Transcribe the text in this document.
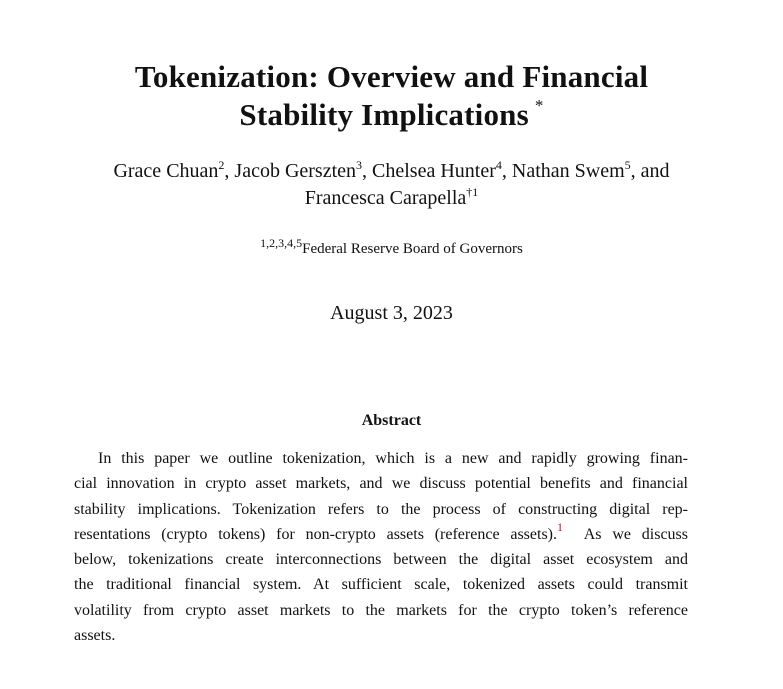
Tokenization: Overview and Financial
Stability Implications *
Grace Chuan$^2$, Jacob Gerszten$^3$, Chelsea Hunter$^4$, Nathan Swem$^5$, and
Francesca Carapella$^{\dagger 1}$
$^{1,2,3,4,5}$Federal Reserve Board of Governors
August 3, 2023
Abstract
In this paper we outline tokenization, which is a new and rapidly growing finan-
cial innovation in crypto asset markets, and we discuss potential benefits and financial
stability implications. Tokenization refers to the process of constructing digital rep-
resentations (crypto tokens) for non-crypto assets (reference assets).$^1$ As we discuss
below, tokenizations create interconnections between the digital asset ecosystem and
the traditional financial system. At sufficient scale, tokenized assets could transmit
volatility from crypto asset markets to the markets for the crypto token’s reference
assets.
